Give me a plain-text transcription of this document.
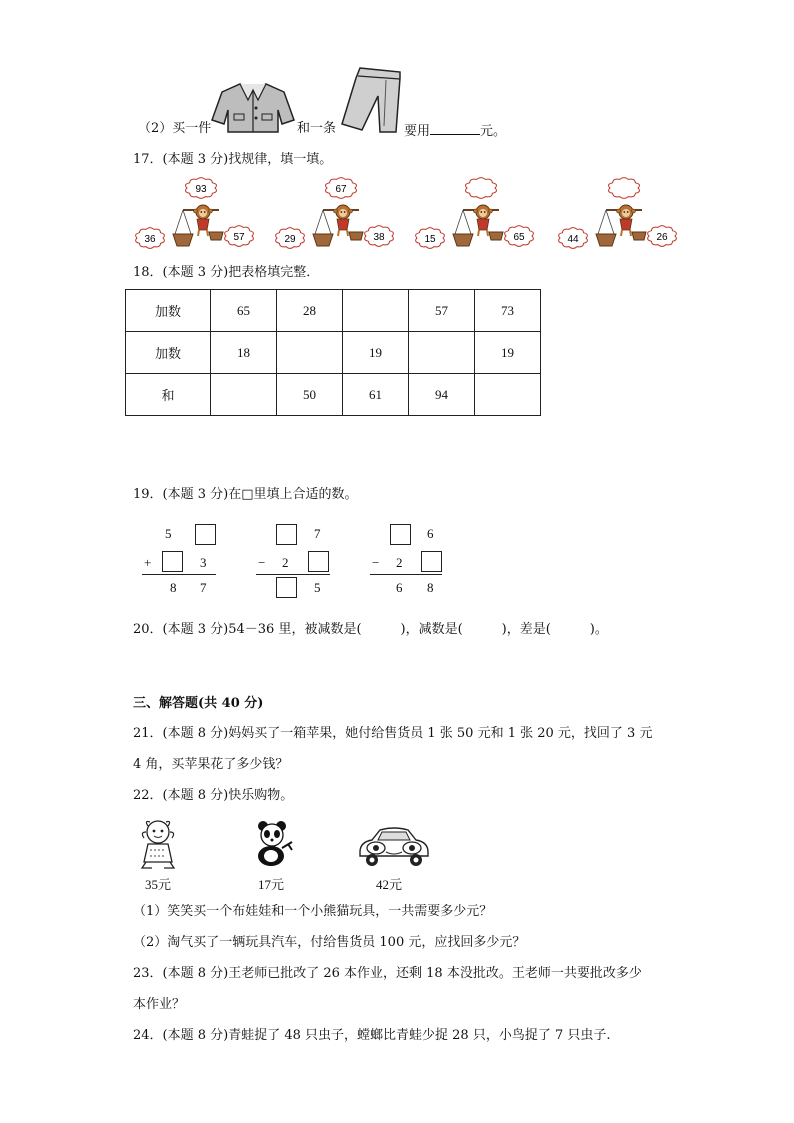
（2）买一件	和一条	要用	元。
17．(本题 3 分)找规律，填一填。
93
36	57
67
29	38	15	65	44	26
18．(本题 3 分)把表格填完整．
加数	65	28		57	73
加数	18		19		19
和		50	61	94	
19．(本题 3 分)在□里填上合适的数。
5
+	3
8 7
7
− 2
5
6
− 2
6 8
20．(本题 3 分)54－36 里，被减数是(　　　)，减数是(　　　)，差是(　　　)。
三、解答题(共 40 分)
21．(本题 8 分)妈妈买了一箱苹果，她付给售货员 1 张 50 元和 1 张 20 元，找回了 3 元
4 角，买苹果花了多少钱？
22．(本题 8 分)快乐购物。
35元	17元	42元
（1）笑笑买一个布娃娃和一个小熊猫玩具，一共需要多少元？
（2）淘气买了一辆玩具汽车，付给售货员 100 元，应找回多少元？
23．(本题 8 分)王老师已批改了 26 本作业，还剩 18 本没批改。王老师一共要批改多少
本作业？
24．(本题 8 分)青蛙捉了 48 只虫子，螳螂比青蛙少捉 28 只，小鸟捉了 7 只虫子.
